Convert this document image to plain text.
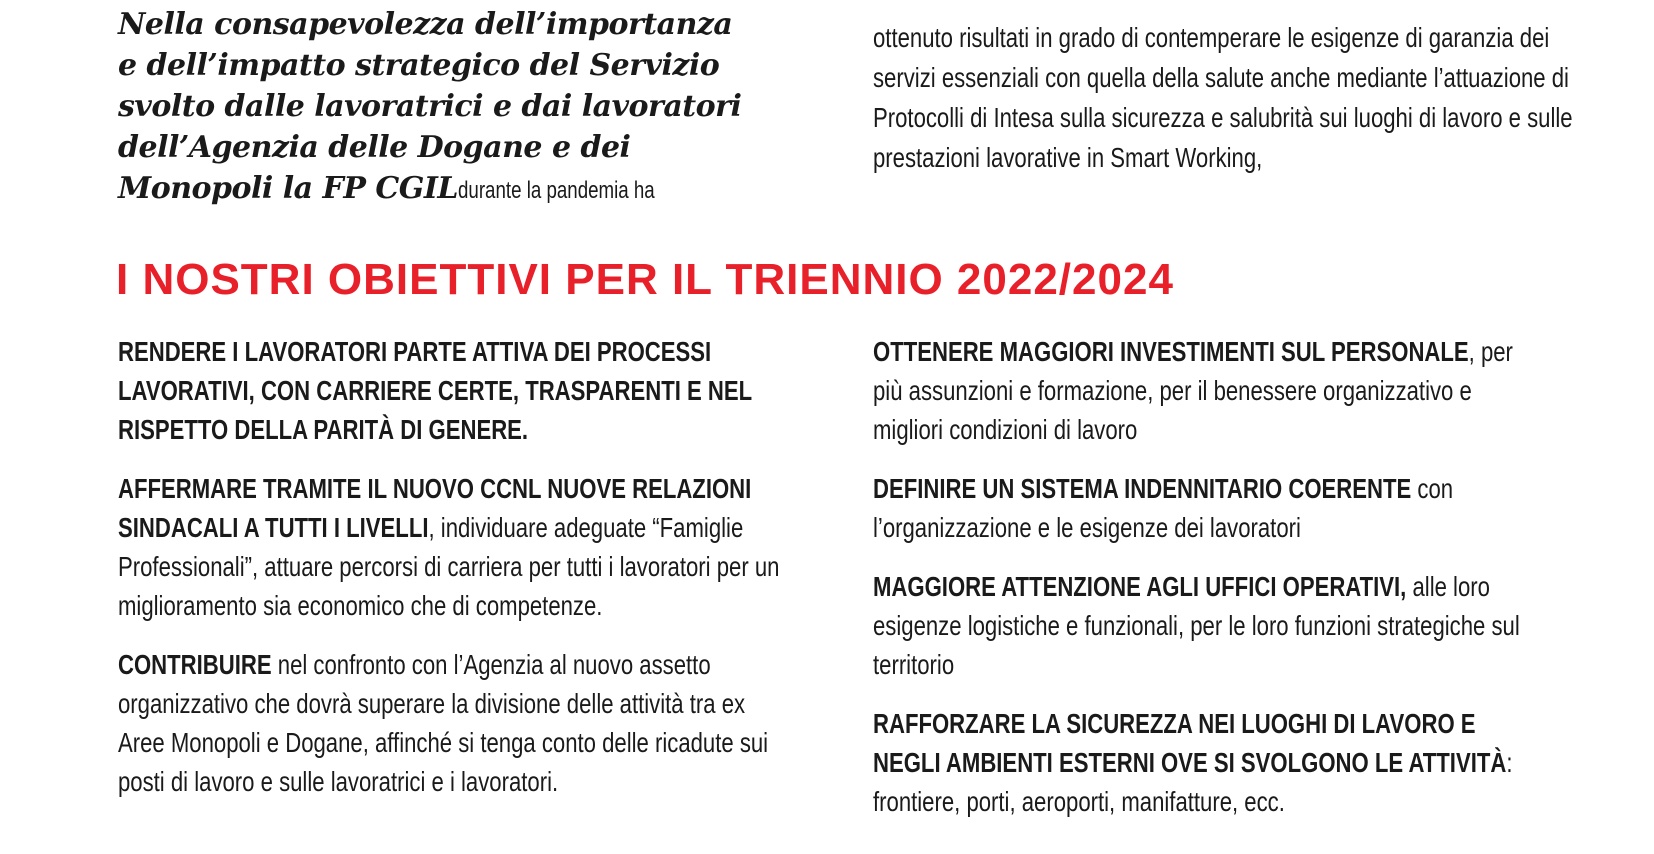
Nella consapevolezza dell’importanza
e dell’impatto strategico del Servizio
svolto dalle lavoratrici e dai lavoratori
dell’Agenzia delle Dogane e dei
Monopoli la FP CGILdurante la pandemia ha
ottenuto risultati in grado di contemperare le esigenze di garanzia dei servizi essenziali con quella della salute anche mediante l’attuazione di Protocolli di Intesa sulla sicurezza e salubrità sui luoghi di lavoro e sulle prestazioni lavorative in Smart Working,
I NOSTRI OBIETTIVI PER IL TRIENNIO 2022/2024
RENDERE I LAVORATORI PARTE ATTIVA DEI PROCESSI LAVORATIVI, CON CARRIERE CERTE, TRASPARENTI E NEL RISPETTO DELLA PARITÀ DI GENERE.
AFFERMARE TRAMITE IL NUOVO CCNL NUOVE RELAZIONI SINDACALI A TUTTI I LIVELLI, individuare adeguate “Famiglie Professionali”, attuare percorsi di carriera per tutti i lavoratori per un miglioramento sia economico che di competenze.
CONTRIBUIRE nel confronto con l’Agenzia al nuovo assetto organizzativo che dovrà superare la divisione delle attività tra ex Aree Monopoli e Dogane, affinché si tenga conto delle ricadute sui posti di lavoro e sulle lavoratrici e i lavoratori.
OTTENERE MAGGIORI INVESTIMENTI SUL PERSONALE, per più assunzioni e formazione, per il benessere organizzativo e migliori condizioni di lavoro
DEFINIRE UN SISTEMA INDENNITARIO COERENTE con l’organizzazione e le esigenze dei lavoratori
MAGGIORE ATTENZIONE AGLI UFFICI OPERATIVI, alle loro esigenze logistiche e funzionali, per le loro funzioni strategiche sul territorio
RAFFORZARE LA SICUREZZA NEI LUOGHI DI LAVORO E NEGLI AMBIENTI ESTERNI OVE SI SVOLGONO LE ATTIVITÀ: frontiere, porti, aeroporti, manifatture, ecc.
